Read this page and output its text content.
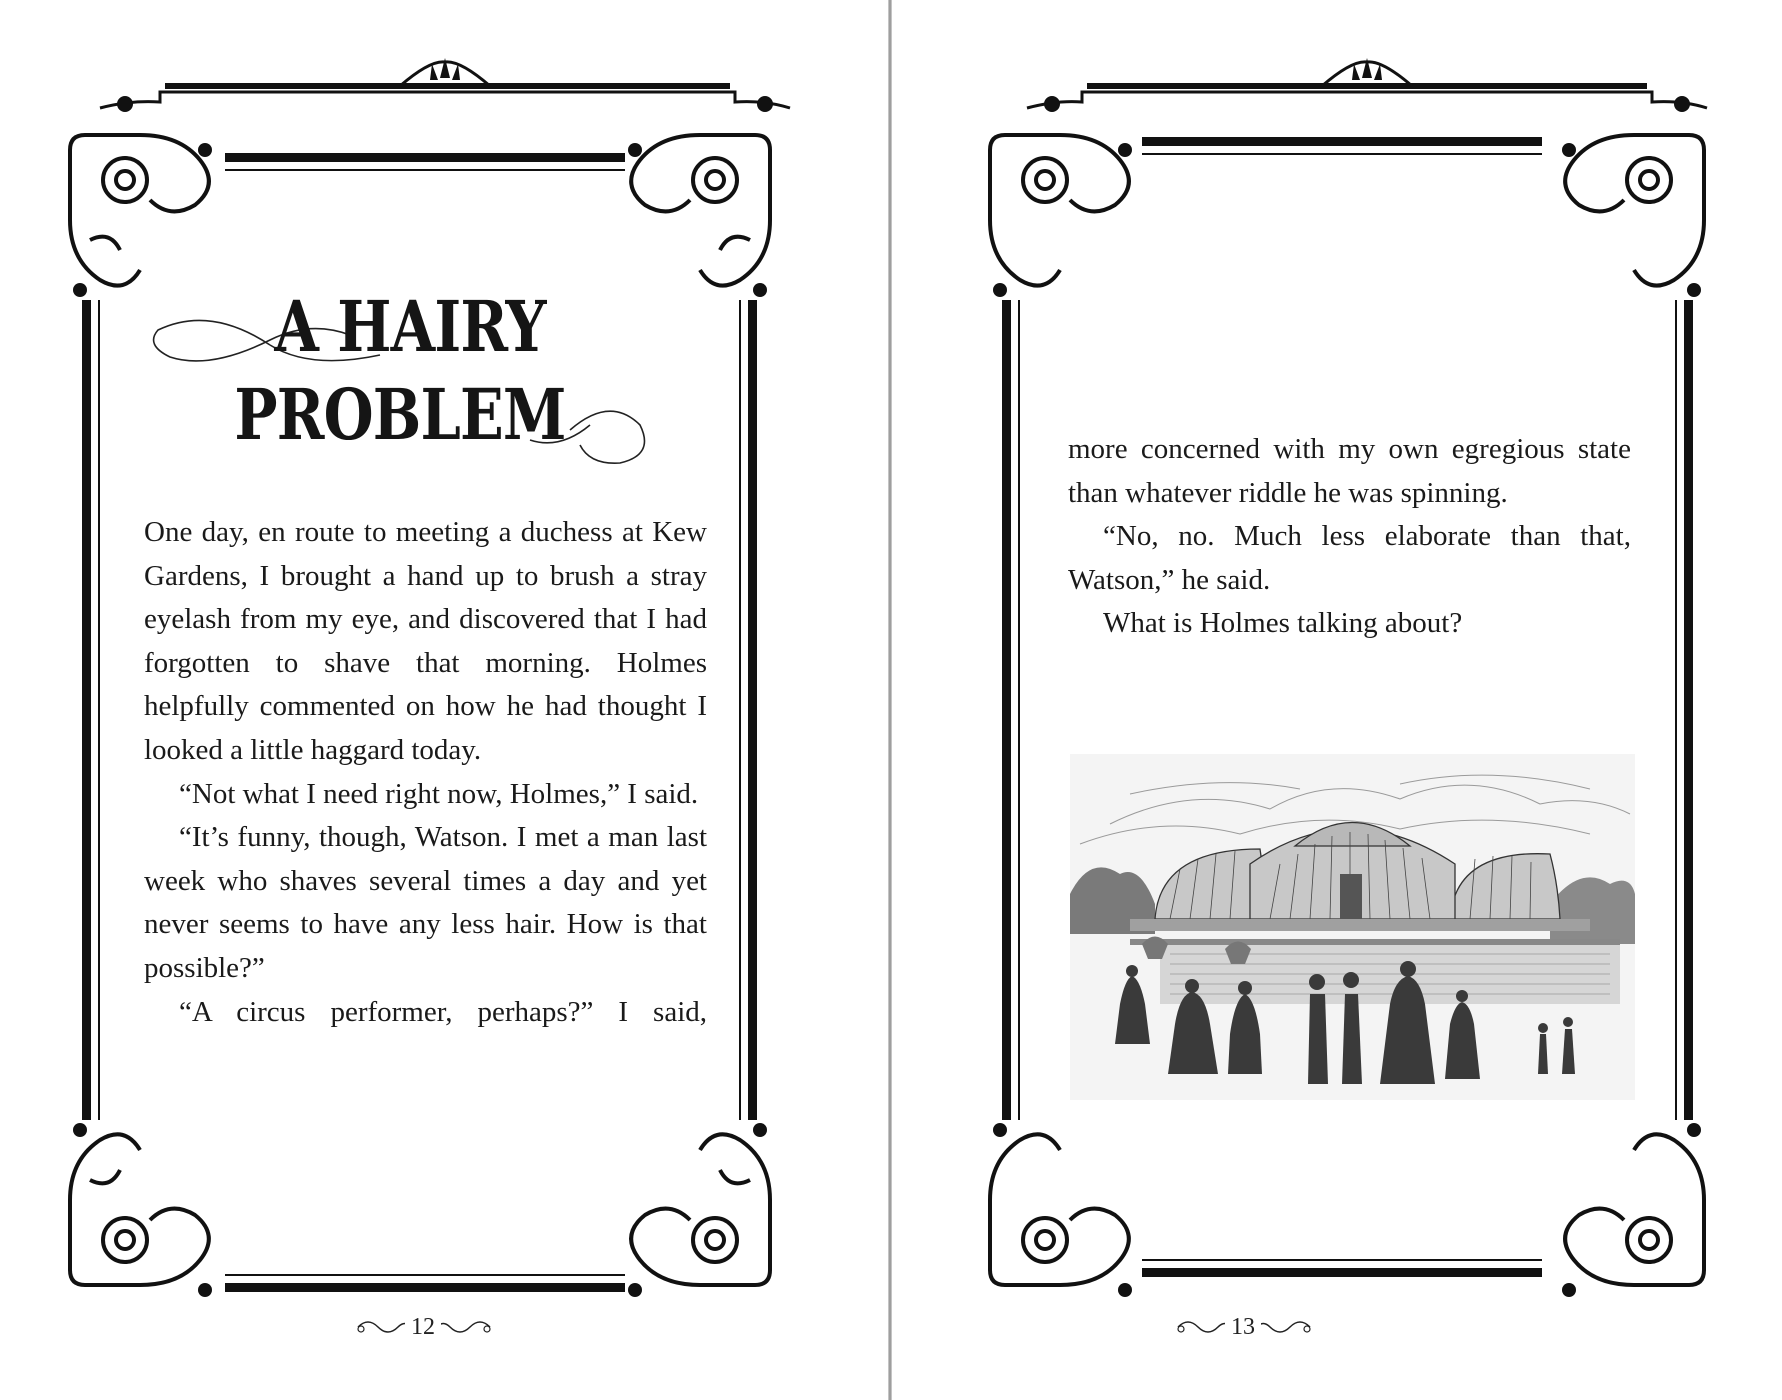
A HAIRY
PROBLEM

One day, en route to meeting a duchess at Kew Gardens, I brought a hand up to brush a stray eyelash from my eye, and discovered that I had forgotten to shave that morning. Holmes helpfully commented on how he had thought I looked a little haggard today.

“Not what I need right now, Holmes,” I said.

“It’s funny, though, Watson. I met a man last week who shaves several times a day and yet never seems to have any less hair. How is that possible?”

“A circus performer, perhaps?” I said,

12

more concerned with my own egregious state than whatever riddle he was spinning.

“No, no. Much less elaborate than that, Watson,” he said.

What is Holmes talking about?

13
